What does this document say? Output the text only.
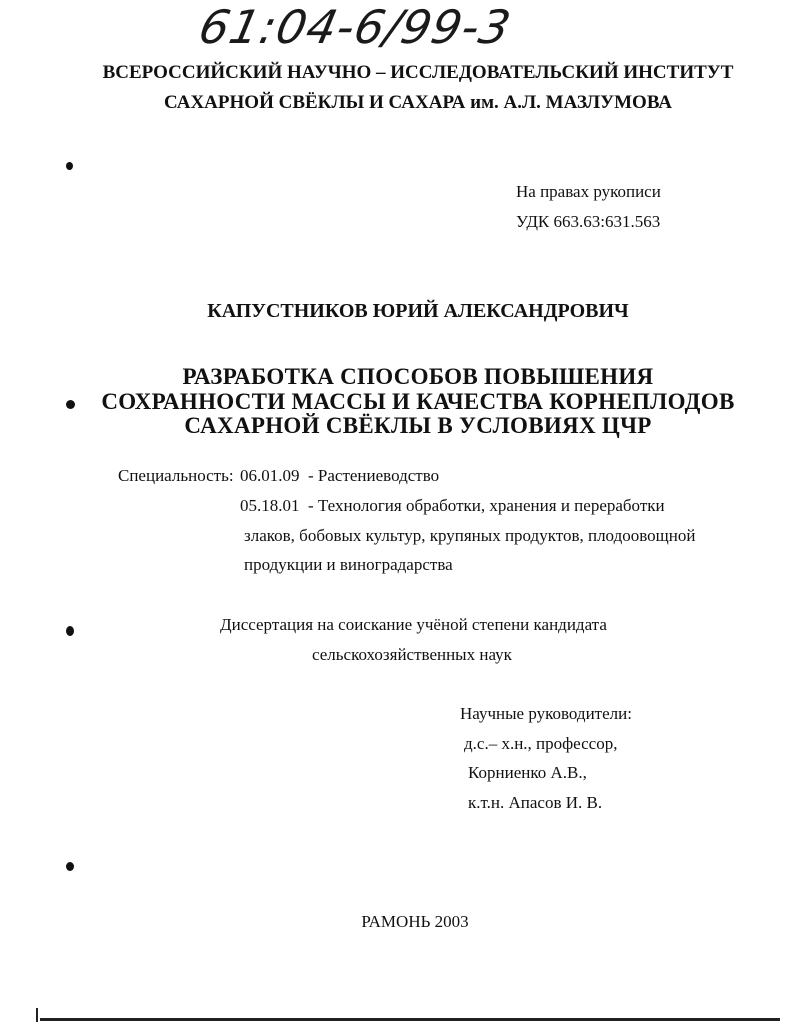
61:04-6/99-3
ВСЕРОССИЙСКИЙ НАУЧНО – ИССЛЕДОВАТЕЛЬСКИЙ ИНСТИТУТ
САХАРНОЙ СВЁКЛЫ И САХАРА им. А.Л. МАЗЛУМОВА
На правах рукописи
УДК 663.63:631.563
КАПУСТНИКОВ ЮРИЙ АЛЕКСАНДРОВИЧ
РАЗРАБОТКА СПОСОБОВ ПОВЫШЕНИЯ
СОХРАННОСТИ МАССЫ И КАЧЕСТВА КОРНЕПЛОДОВ
САХАРНОЙ СВЁКЛЫ В УСЛОВИЯХ ЦЧР
Специальность: 06.01.09 - Растениеводство
05.18.01 - Технология обработки, хранения и переработки
злаков, бобовых культур, крупяных продуктов, плодоовощной
продукции и виноградарства
Диссертация на соискание учёной степени кандидата
сельскохозяйственных наук
Научные руководители:
д.с.– х.н., профессор,
Корниенко А.В.,
к.т.н. Апасов И. В.
РАМОНЬ 2003
